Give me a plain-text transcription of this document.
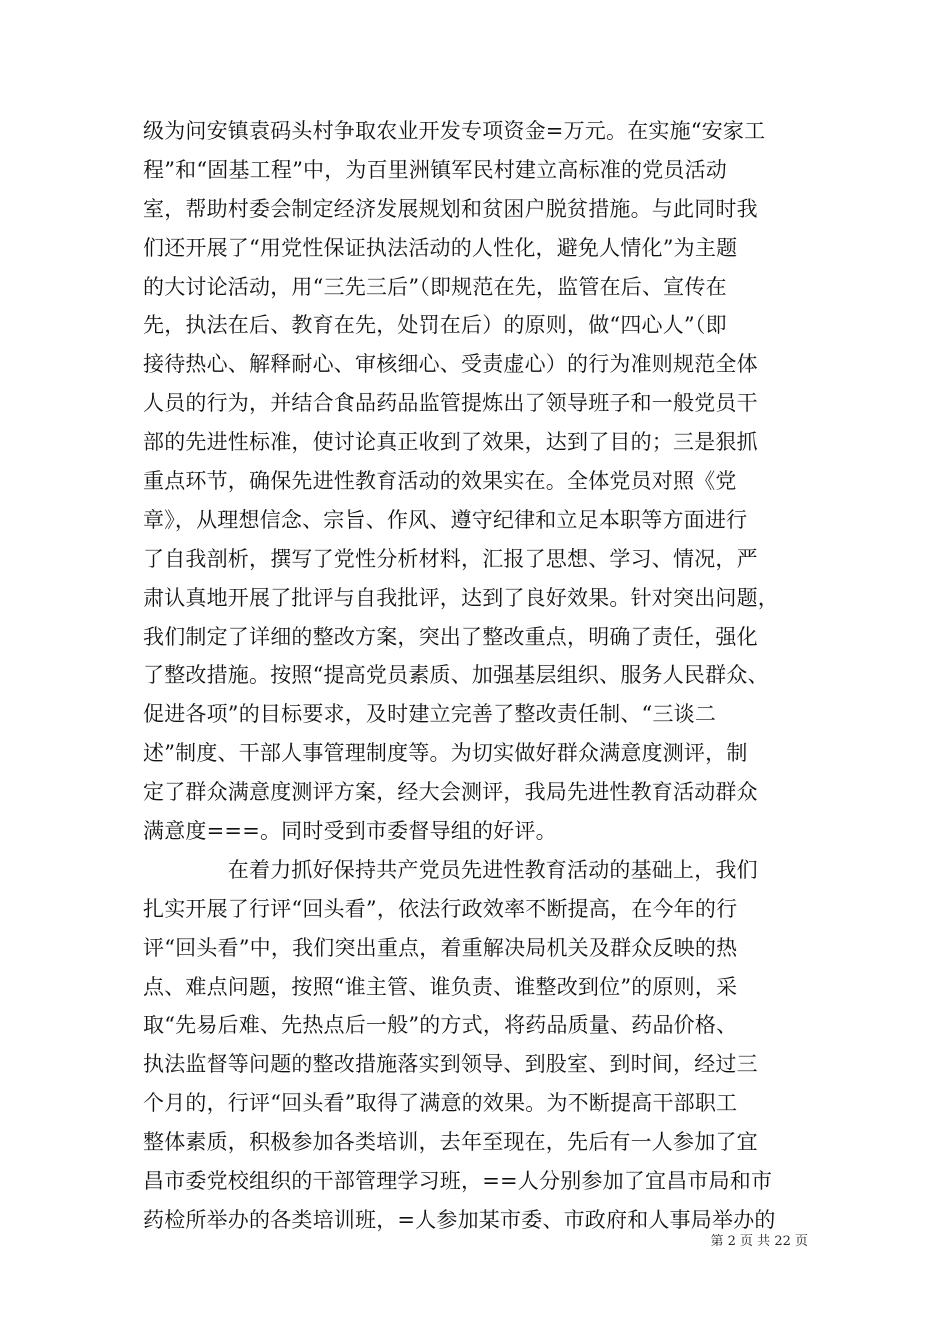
级为问安镇袁码头村争取农业开发专项资金=万元。在实施“安家工
程”和“固基工程”中，为百里洲镇军民村建立高标准的党员活动
室，帮助村委会制定经济发展规划和贫困户脱贫措施。与此同时我
们还开展了“用党性保证执法活动的人性化，避免人情化”为主题
的大讨论活动，用“三先三后”（即规范在先，监管在后、宣传在
先，执法在后、教育在先，处罚在后）的原则，做“四心人”（即
接待热心、解释耐心、审核细心、受责虚心）的行为准则规范全体
人员的行为，并结合食品药品监管提炼出了领导班子和一般党员干
部的先进性标准，使讨论真正收到了效果，达到了目的；三是狠抓
重点环节，确保先进性教育活动的效果实在。全体党员对照《党
章》，从理想信念、宗旨、作风、遵守纪律和立足本职等方面进行
了自我剖析，撰写了党性分析材料，汇报了思想、学习、情况，严
肃认真地开展了批评与自我批评，达到了良好效果。针对突出问题，
我们制定了详细的整改方案，突出了整改重点，明确了责任，强化
了整改措施。按照“提高党员素质、加强基层组织、服务人民群众、
促进各项”的目标要求，及时建立完善了整改责任制、“三谈二
述”制度、干部人事管理制度等。为切实做好群众满意度测评，制
定了群众满意度测评方案，经大会测评，我局先进性教育活动群众
满意度===。同时受到市委督导组的好评。
　　　　在着力抓好保持共产党员先进性教育活动的基础上，我们
扎实开展了行评“回头看”，依法行政效率不断提高，在今年的行
评“回头看”中，我们突出重点，着重解决局机关及群众反映的热
点、难点问题，按照“谁主管、谁负责、谁整改到位”的原则，采
取“先易后难、先热点后一般”的方式，将药品质量、药品价格、
执法监督等问题的整改措施落实到领导、到股室、到时间，经过三
个月的，行评“回头看”取得了满意的效果。为不断提高干部职工
整体素质，积极参加各类培训，去年至现在，先后有一人参加了宜
昌市委党校组织的干部管理学习班，==人分别参加了宜昌市局和市
药检所举办的各类培训班，=人参加某市委、市政府和人事局举办的
第 2 页 共 22 页
